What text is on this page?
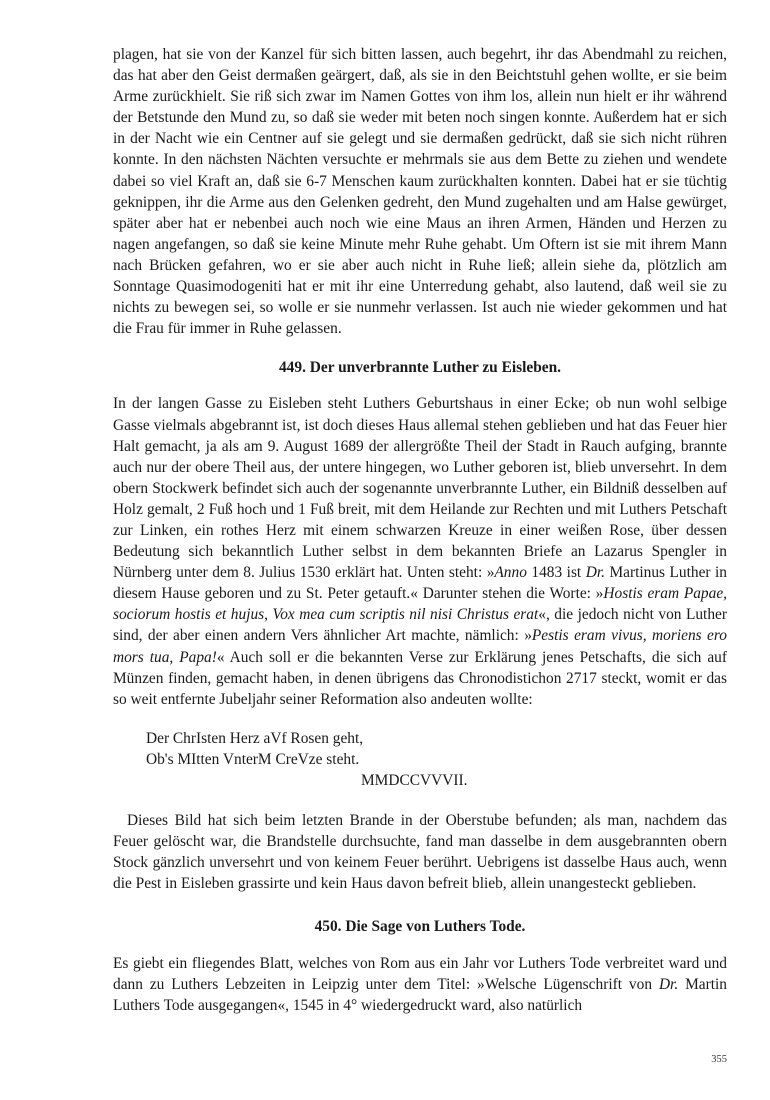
plagen, hat sie von der Kanzel für sich bitten lassen, auch begehrt, ihr das Abendmahl zu reichen, das hat aber den Geist dermaßen geärgert, daß, als sie in den Beichtstuhl gehen wollte, er sie beim Arme zurückhielt. Sie riß sich zwar im Namen Gottes von ihm los, allein nun hielt er ihr während der Betstunde den Mund zu, so daß sie weder mit beten noch singen konnte. Außerdem hat er sich in der Nacht wie ein Centner auf sie gelegt und sie dermaßen gedrückt, daß sie sich nicht rühren konnte. In den nächsten Nächten versuchte er mehrmals sie aus dem Bette zu ziehen und wendete dabei so viel Kraft an, daß sie 6-7 Menschen kaum zurückhalten konnten. Dabei hat er sie tüchtig geknippen, ihr die Arme aus den Gelenken gedreht, den Mund zugehalten und am Halse gewürget, später aber hat er nebenbei auch noch wie eine Maus an ihren Armen, Händen und Herzen zu nagen angefangen, so daß sie keine Minute mehr Ruhe gehabt. Um Oftern ist sie mit ihrem Mann nach Brücken gefahren, wo er sie aber auch nicht in Ruhe ließ; allein siehe da, plötzlich am Sonntage Quasimodogeniti hat er mit ihr eine Unterredung gehabt, also lautend, daß weil sie zu nichts zu bewegen sei, so wolle er sie nunmehr verlassen. Ist auch nie wieder gekommen und hat die Frau für immer in Ruhe gelassen.

449. Der unverbrannte Luther zu Eisleben.

In der langen Gasse zu Eisleben steht Luthers Geburtshaus in einer Ecke; ob nun wohl selbige Gasse vielmals abgebrannt ist, ist doch dieses Haus allemal stehen geblieben und hat das Feuer hier Halt gemacht, ja als am 9. August 1689 der allergrößte Theil der Stadt in Rauch aufging, brannte auch nur der obere Theil aus, der untere hingegen, wo Luther geboren ist, blieb unversehrt. In dem obern Stockwerk befindet sich auch der sogenannte unverbrannte Luther, ein Bildniß desselben auf Holz gemalt, 2 Fuß hoch und 1 Fuß breit, mit dem Heilande zur Rechten und mit Luthers Petschaft zur Linken, ein rothes Herz mit einem schwarzen Kreuze in einer weißen Rose, über dessen Bedeutung sich bekanntlich Luther selbst in dem bekannten Briefe an Lazarus Spengler in Nürnberg unter dem 8. Julius 1530 erklärt hat. Unten steht: »Anno 1483 ist Dr. Martinus Luther in diesem Hause geboren und zu St. Peter getauft.« Darunter stehen die Worte: »Hostis eram Papae, sociorum hostis et hujus, Vox mea cum scriptis nil nisi Christus erat«, die jedoch nicht von Luther sind, der aber einen andern Vers ähnlicher Art machte, nämlich: »Pestis eram vivus, moriens ero mors tua, Papa!« Auch soll er die bekannten Verse zur Erklärung jenes Petschafts, die sich auf Münzen finden, gemacht haben, in denen übrigens das Chronodistichon 2717 steckt, womit er das so weit entfernte Jubeljahr seiner Reformation also andeuten wollte:

Der ChrIsten Herz aVf Rosen geht,
Ob's MItten VnterM CreVze steht.
MMDCCVVVII.

Dieses Bild hat sich beim letzten Brande in der Oberstube befunden; als man, nachdem das Feuer gelöscht war, die Brandstelle durchsuchte, fand man dasselbe in dem ausgebrannten obern Stock gänzlich unversehrt und von keinem Feuer berührt. Uebrigens ist dasselbe Haus auch, wenn die Pest in Eisleben grassirte und kein Haus davon befreit blieb, allein unangesteckt geblieben.

450. Die Sage von Luthers Tode.

Es giebt ein fliegendes Blatt, welches von Rom aus ein Jahr vor Luthers Tode verbreitet ward und dann zu Luthers Lebzeiten in Leipzig unter dem Titel: »Welsche Lügenschrift von Dr. Martin Luthers Tode ausgegangen«, 1545 in 4° wiedergedruckt ward, also natürlich

355
